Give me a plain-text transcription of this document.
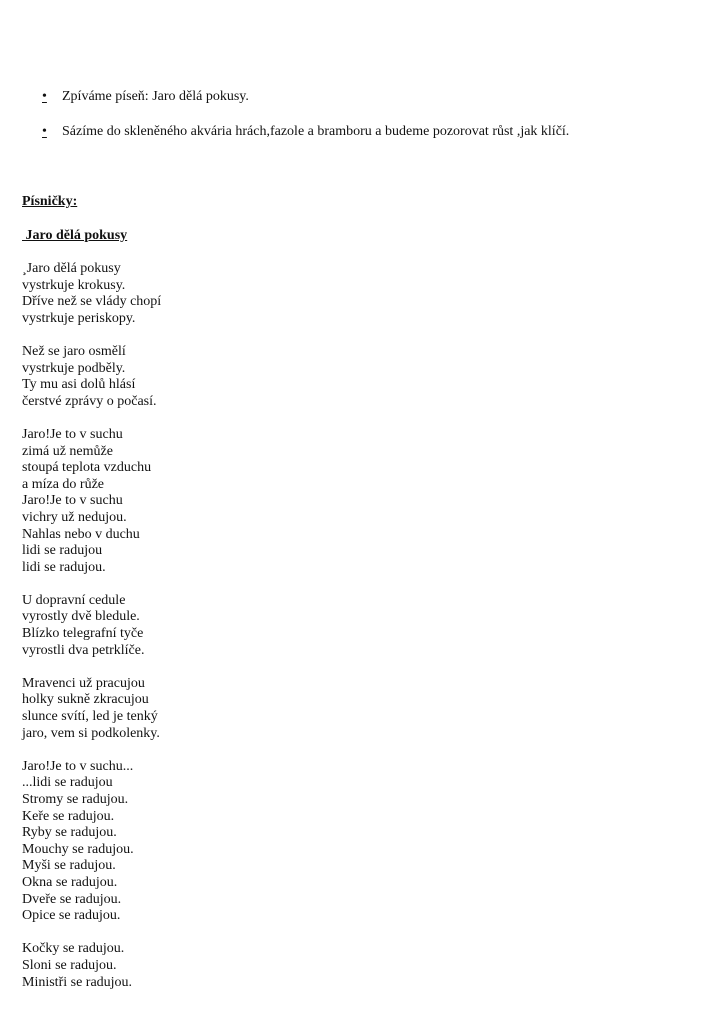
•	Zpíváme píseň: Jaro dělá pokusy.
•	Sázíme do skleněného akvária hrách,fazole a bramboru a budeme pozorovat růst ,jak klíčí.

Písničky:

Jaro dělá pokusy

¸Jaro dělá pokusy
vystrkuje krokusy.
Dříve než se vlády chopí
vystrkuje periskopy.
Než se jaro osmělí
vystrkuje podběly.
Ty mu asi dolů hlásí
čerstvé zprávy o počasí.
Jaro!Je to v suchu
zimá už nemůže
stoupá teplota vzduchu
a míza do růže
Jaro!Je to v suchu
vichry už nedujou.
Nahlas nebo v duchu
lidi se radujou
lidi se radujou.
U dopravní cedule
vyrostly dvě bledule.
Blízko telegrafní tyče
vyrostli dva petrklíče.
Mravenci už pracujou
holky sukně zkracujou
slunce svítí, led je tenký
jaro, vem si podkolenky.
Jaro!Je to v suchu...
...lidi se radujou
Stromy se radujou.
Keře se radujou.
Ryby se radujou.
Mouchy se radujou.
Myši se radujou.
Okna se radujou.
Dveře se radujou.
Opice se radujou.
Kočky se radujou.
Sloni se radujou.
Ministři se radujou.
